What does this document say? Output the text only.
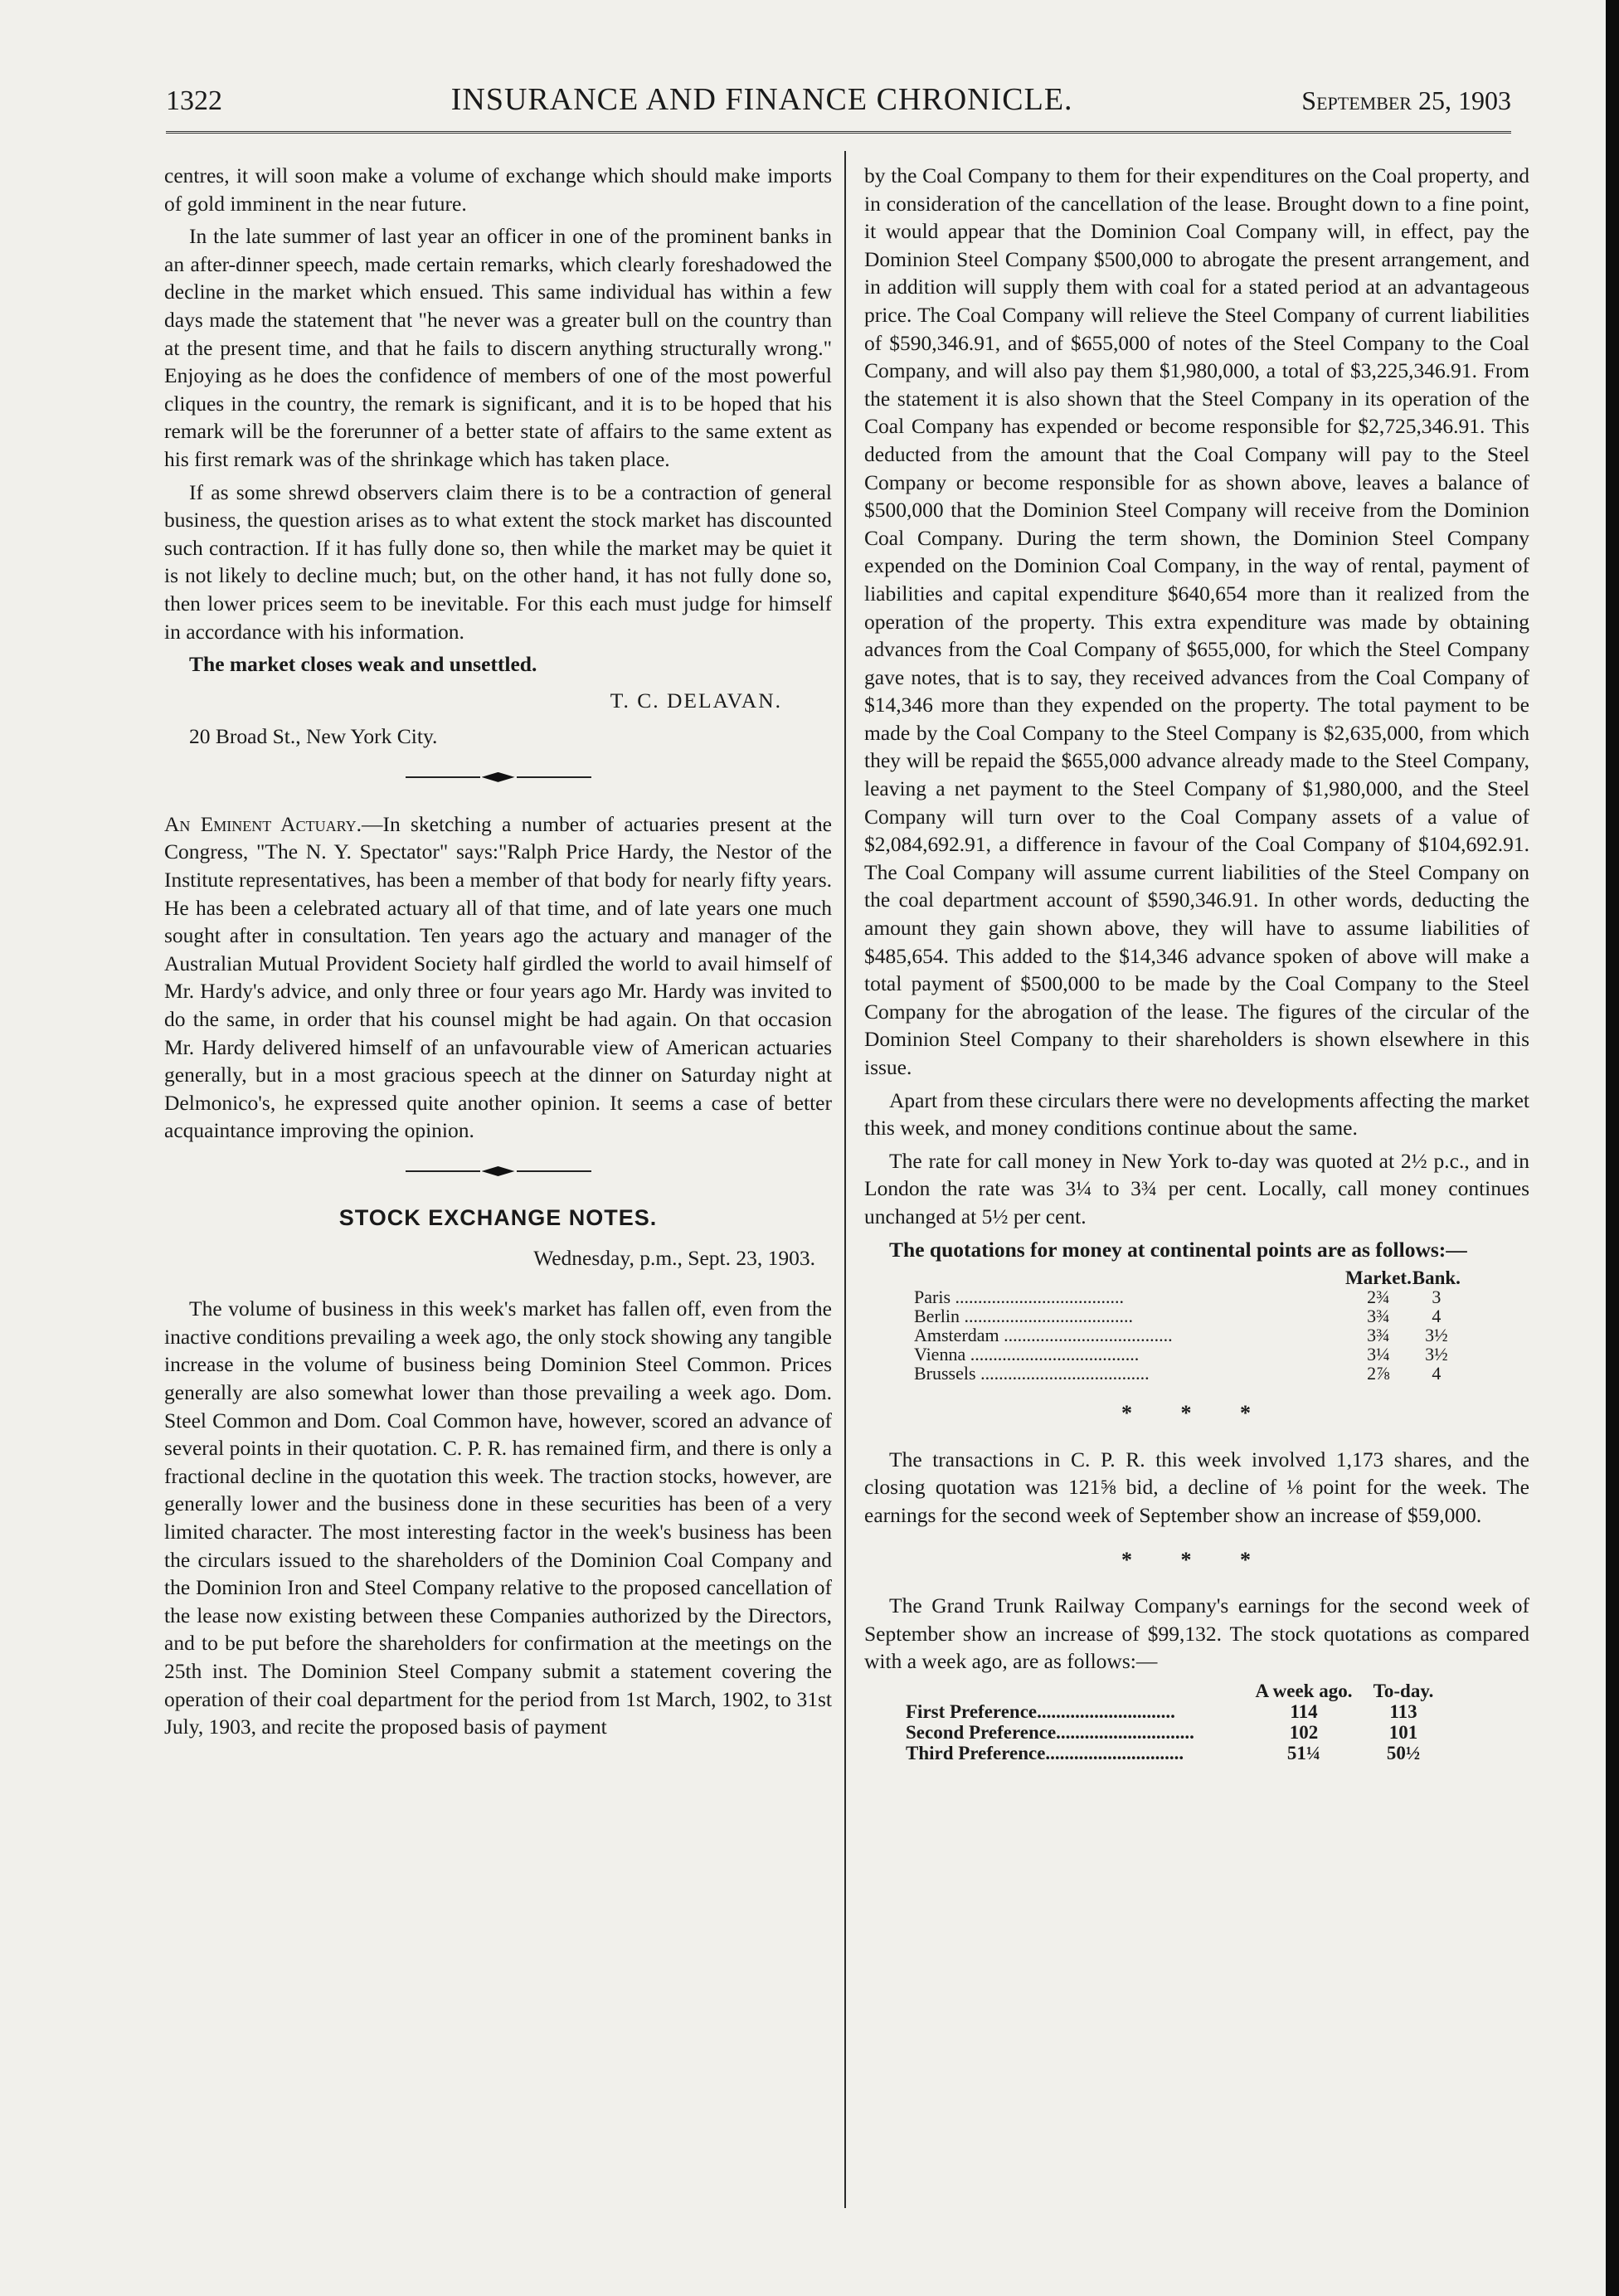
1322	INSURANCE AND FINANCE CHRONICLE.	September 25, 1903

centres, it will soon make a volume of exchange which should make imports of gold imminent in the near future.

In the late summer of last year an officer in one of the prominent banks in an after-dinner speech, made certain remarks, which clearly foreshadowed the decline in the market which ensued. This same individual has within a few days made the statement that "he never was a greater bull on the country than at the present time, and that he fails to discern anything structurally wrong." Enjoying as he does the confidence of members of one of the most powerful cliques in the country, the remark is significant, and it is to be hoped that his remark will be the forerunner of a better state of affairs to the same extent as his first remark was of the shrinkage which has taken place.

If as some shrewd observers claim there is to be a contraction of general business, the question arises as to what extent the stock market has discounted such contraction. If it has fully done so, then while the market may be quiet it is not likely to decline much; but, on the other hand, it has not fully done so, then lower prices seem to be inevitable. For this each must judge for himself in accordance with his information.

The market closes weak and unsettled.

T. C. DELAVAN.
20 Broad St., New York City.

An Eminent Actuary.—In sketching a number of actuaries present at the Congress, "The N. Y. Spectator" says:"Ralph Price Hardy, the Nestor of the Institute representatives, has been a member of that body for nearly fifty years. He has been a celebrated actuary all of that time, and of late years one much sought after in consultation. Ten years ago the actuary and manager of the Australian Mutual Provident Society half girdled the world to avail himself of Mr. Hardy's advice, and only three or four years ago Mr. Hardy was invited to do the same, in order that his counsel might be had again. On that occasion Mr. Hardy delivered himself of an unfavourable view of American actuaries generally, but in a most gracious speech at the dinner on Saturday night at Delmonico's, he expressed quite another opinion. It seems a case of better acquaintance improving the opinion.

STOCK EXCHANGE NOTES.
Wednesday, p.m., Sept. 23, 1903.

The volume of business in this week's market has fallen off, even from the inactive conditions prevailing a week ago, the only stock showing any tangible increase in the volume of business being Dominion Steel Common. Prices generally are also somewhat lower than those prevailing a week ago. Dom. Steel Common and Dom. Coal Common have, however, scored an advance of several points in their quotation. C. P. R. has remained firm, and there is only a fractional decline in the quotation this week. The traction stocks, however, are generally lower and the business done in these securities has been of a very limited character. The most interesting factor in the week's business has been the circulars issued to the shareholders of the Dominion Coal Company and the Dominion Iron and Steel Company relative to the proposed cancellation of the lease now existing between these Companies authorized by the Directors, and to be put before the shareholders for confirmation at the meetings on the 25th inst. The Dominion Steel Company submit a statement covering the operation of their coal department for the period from 1st March, 1902, to 31st July, 1903, and recite the proposed basis of payment

by the Coal Company to them for their expenditures on the Coal property, and in consideration of the cancellation of the lease. Brought down to a fine point, it would appear that the Dominion Coal Company will, in effect, pay the Dominion Steel Company $500,000 to abrogate the present arrangement, and in addition will supply them with coal for a stated period at an advantageous price. The Coal Company will relieve the Steel Company of current liabilities of $590,346.91, and of $655,000 of notes of the Steel Company to the Coal Company, and will also pay them $1,980,000, a total of $3,225,346.91. From the statement it is also shown that the Steel Company in its operation of the Coal Company has expended or become responsible for $2,725,346.91. This deducted from the amount that the Coal Company will pay to the Steel Company or become responsible for as shown above, leaves a balance of $500,000 that the Dominion Steel Company will receive from the Dominion Coal Company. During the term shown, the Dominion Steel Company expended on the Dominion Coal Company, in the way of rental, payment of liabilities and capital expenditure $640,654 more than it realized from the operation of the property. This extra expenditure was made by obtaining advances from the Coal Company of $655,000, for which the Steel Company gave notes, that is to say, they received advances from the Coal Company of $14,346 more than they expended on the property. The total payment to be made by the Coal Company to the Steel Company is $2,635,000, from which they will be repaid the $655,000 advance already made to the Steel Company, leaving a net payment to the Steel Company of $1,980,000, and the Steel Company will turn over to the Coal Company assets of a value of $2,084,692.91, a difference in favour of the Coal Company of $104,692.91. The Coal Company will assume current liabilities of the Steel Company on the coal department account of $590,346.91. In other words, deducting the amount they gain shown above, they will have to assume liabilities of $485,654. This added to the $14,346 advance spoken of above will make a total payment of $500,000 to be made by the Coal Company to the Steel Company for the abrogation of the lease. The figures of the circular of the Dominion Steel Company to their shareholders is shown elsewhere in this issue.

Apart from these circulars there were no developments affecting the market this week, and money conditions continue about the same.

The rate for call money in New York to-day was quoted at 2½ p.c., and in London the rate was 3¼ to 3¾ per cent. Locally, call money continues unchanged at 5½ per cent.

The quotations for money at continental points are as follows:—

	Market.	Bank.
Paris .....................................	2¾	3
Berlin .....................................	3¾	4
Amsterdam .....................................	3¾	3½
Vienna .....................................	3¼	3½
Brussels .....................................	2⅞	4
* * *

The transactions in C. P. R. this week involved 1,173 shares, and the closing quotation was 121⅝ bid, a decline of ⅛ point for the week. The earnings for the second week of September show an increase of $59,000.

* * *

The Grand Trunk Railway Company's earnings for the second week of September show an increase of $99,132. The stock quotations as compared with a week ago, are as follows:—

	A week ago.	To-day.
First Preference.............................	114	113
Second Preference.............................	102	101
Third Preference.............................	51¼	50½
